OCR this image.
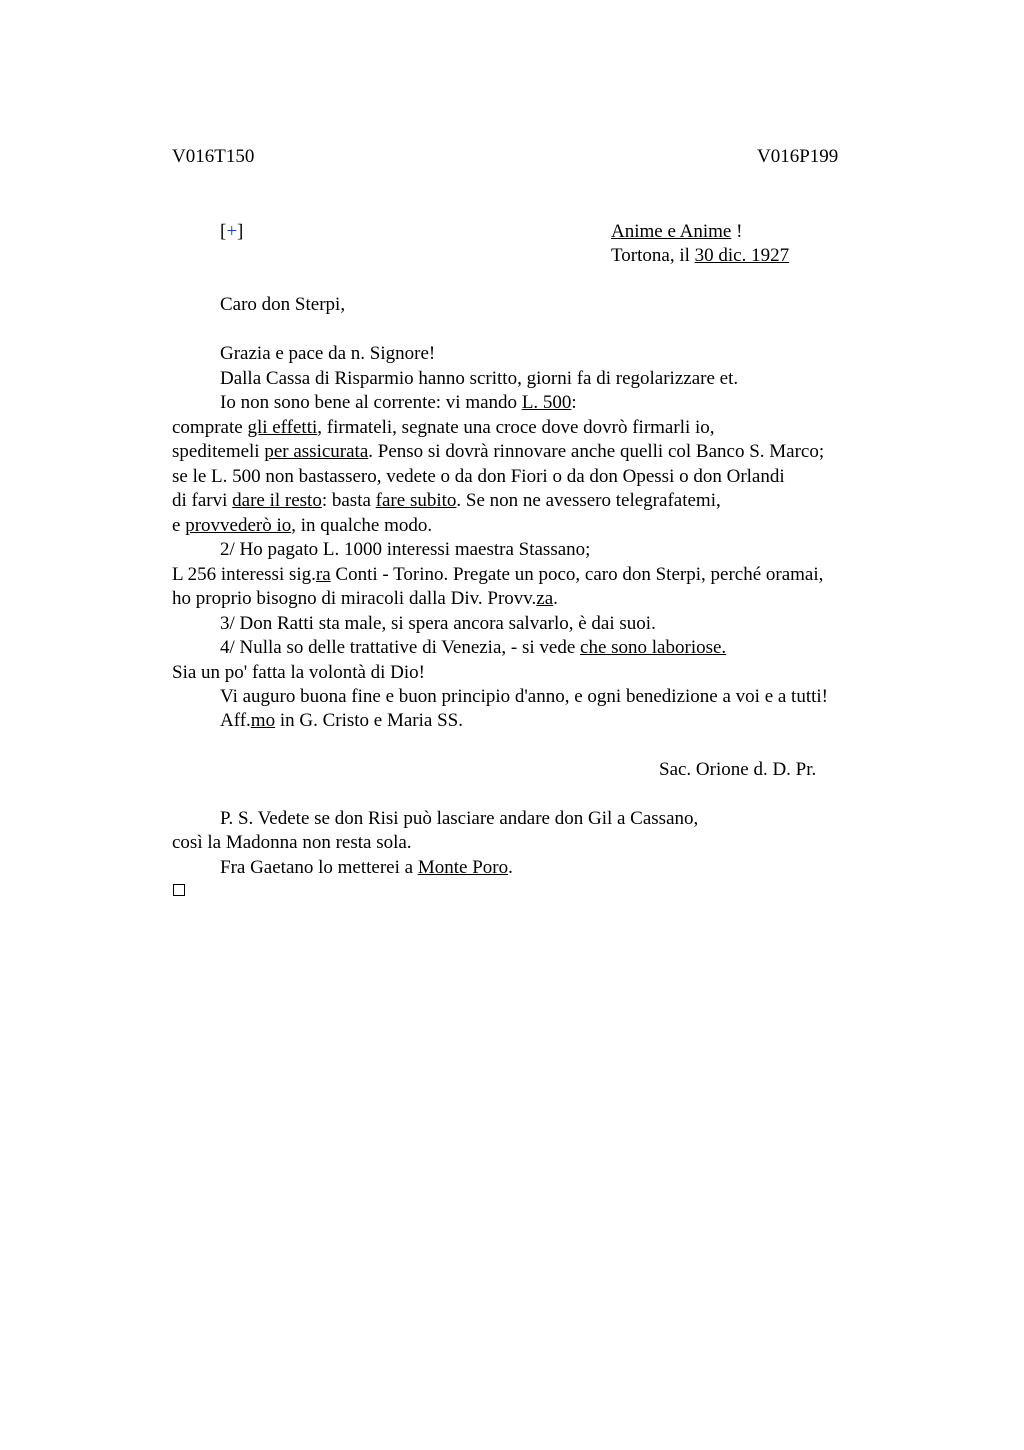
V016T150	V016P199
[+]	Anime e Anime !
Tortona, il 30 dic. 1927
Caro don Sterpi,
Grazia e pace da n. Signore!
Dalla Cassa di Risparmio hanno scritto, giorni fa di regolarizzare et.
Io non sono bene al corrente: vi mando L. 500:
comprate gli effetti, firmateli, segnate una croce dove dovrò firmarli io,
speditemeli per assicurata. Penso si dovrà rinnovare anche quelli col Banco S. Marco;
se le L. 500 non bastassero, vedete o da don Fiori o da don Opessi o don Orlandi
di farvi dare il resto: basta fare subito. Se non ne avessero telegrafatemi,
e provvederò io, in qualche modo.
2/ Ho pagato L. 1000 interessi maestra Stassano;
L 256 interessi sig.ra Conti - Torino. Pregate un poco, caro don Sterpi, perché oramai,
ho proprio bisogno di miracoli dalla Div. Provv.za.
3/ Don Ratti sta male, si spera ancora salvarlo, è dai suoi.
4/ Nulla so delle trattative di Venezia, - si vede che sono laboriose.
Sia un po' fatta la volontà di Dio!
Vi auguro buona fine e buon principio d'anno, e ogni benedizione a voi e a tutti!
Aff.mo in G. Cristo e Maria SS.
Sac. Orione d. D. Pr.
P. S. Vedete se don Risi può lasciare andare don Gil a Cassano,
così la Madonna non resta sola.
Fra Gaetano lo metterei a Monte Poro.
